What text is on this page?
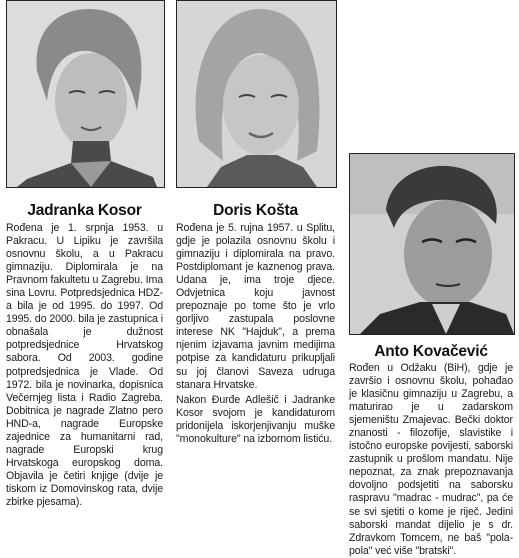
Jadranka Kosor

Rođena je 1. srpnja 1953. u Pakracu. U Lipiku je završila osnovnu školu, a u Pakracu gimnaziju. Diplomirala je na Pravnom fakultetu u Zagrebu. Ima sina Lovru. Potpredsjednica HDZ-a bila je od 1995. do 1997. Od 1995. do 2000. bila je zastupnica i obnašala je dužnost potpredsjednice Hrvatskog sabora. Od 2003. godine potpredsjednica je Vlade. Od 1972. bila je novinarka, dopisnica Večernjeg lista i Radio Zagreba. Dobitnica je nagrade Zlatno pero HND-a, nagrade Europske zajednice za humanitarni rad, nagrade Europski krug Hrvatskoga europskog doma. Objavila je četiri knjige (dvije je tiskom iz Domovinskog rata, dvije zbirke pjesama).

Doris Košta

Rođena je 5. rujna 1957. u Splitu, gdje je polazila osnovnu školu i gimnaziju i diplomirala na pravo. Postdiplomant je kaznenog prava. Udana je, ima troje djece. Odvjetnica koju javnost prepoznaje po tome što je vrlo gorljivo zastupala poslovne interese NK "Hajduk", a prema njenim izjavama javnim medijima potpise za kandidaturu prikupljali su joj članovi Saveza udruga stanara Hrvatske.

Nakon Đurđe Adlešič i Jadranke Kosor svojom je kandidaturom pridonijela iskorjenjivanju muške "monokulture" na izbornom listiću.

Anto Kovačević

Rođen u Odžaku (BiH), gdje je završio i osnovnu školu, pohađao je klasičnu gimnaziju u Zagrebu, a maturirao je u zadarskom sjemeništu Zmajevac. Bečki doktor znanosti - filozofije, slavistike i istočno europske povijesti, saborski zastupnik u prošlom mandatu. Nije nepoznat, za znak prepoznavanja dovoljno podsjetiti na saborsku raspravu "madrac - mudrac", pa će se svi sjetiti o kome je riječ. Jedini saborski mandat dijelio je s dr. Zdravkom Tomcem, ne baš "pola-pola" već više "bratski".
